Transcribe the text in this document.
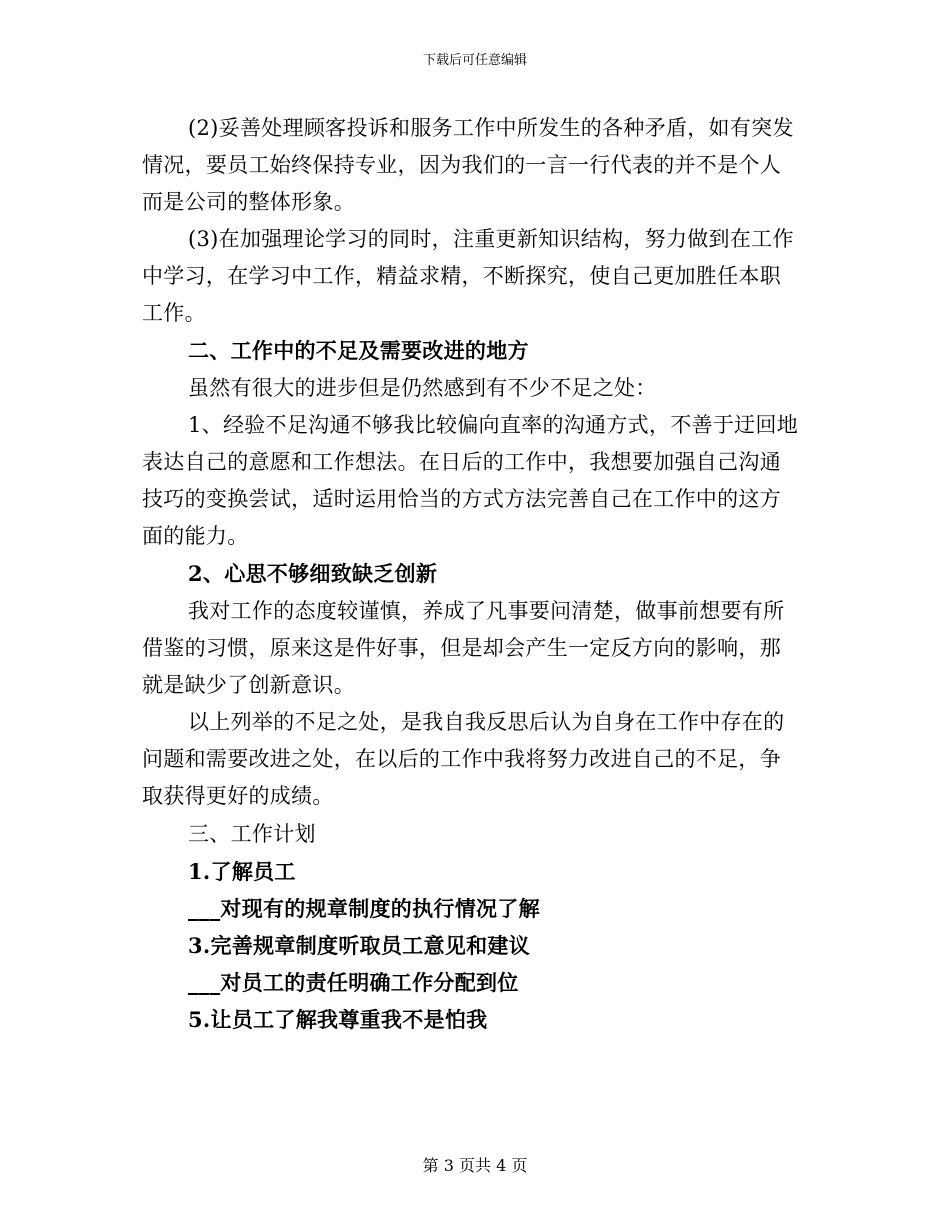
下载后可任意编辑
(2)妥善处理顾客投诉和服务工作中所发生的各种矛盾，如有突发
情况，要员工始终保持专业，因为我们的一言一行代表的并不是个人
而是公司的整体形象。
(3)在加强理论学习的同时，注重更新知识结构，努力做到在工作
中学习，在学习中工作，精益求精，不断探究，使自己更加胜任本职
工作。
二、工作中的不足及需要改进的地方
虽然有很大的进步但是仍然感到有不少不足之处：
1、经验不足沟通不够我比较偏向直率的沟通方式，不善于迂回地
表达自己的意愿和工作想法。在日后的工作中，我想要加强自己沟通
技巧的变换尝试，适时运用恰当的方式方法完善自己在工作中的这方
面的能力。
2、心思不够细致缺乏创新
我对工作的态度较谨慎，养成了凡事要问清楚，做事前想要有所
借鉴的习惯，原来这是件好事，但是却会产生一定反方向的影响，那
就是缺少了创新意识。
以上列举的不足之处，是我自我反思后认为自身在工作中存在的
问题和需要改进之处，在以后的工作中我将努力改进自己的不足，争
取获得更好的成绩。
三、工作计划
1.了解员工
___对现有的规章制度的执行情况了解
3.完善规章制度听取员工意见和建议
___对员工的责任明确工作分配到位
5.让员工了解我尊重我不是怕我
第 3 页共 4 页
